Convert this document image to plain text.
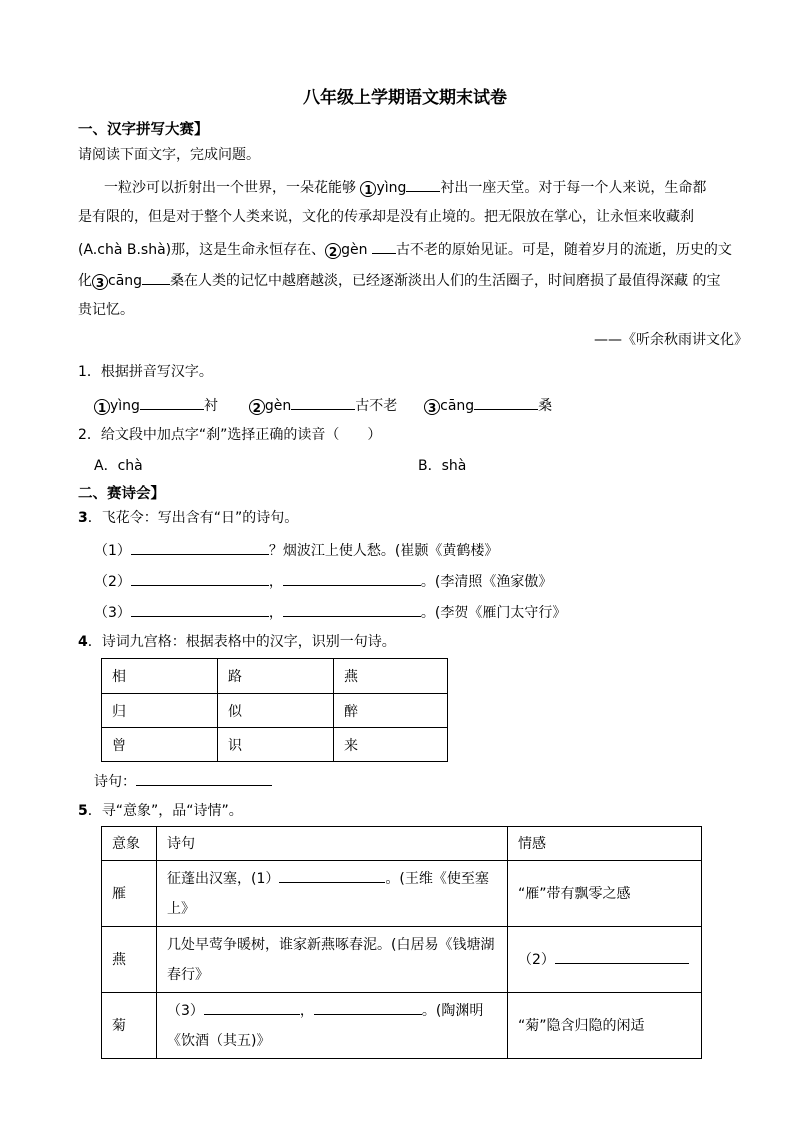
八年级上学期语文期末试卷
一、汉字拼写大赛】
请阅读下面文字，完成问题。
一粒沙可以折射出一个世界，一朵花能够 1 yìng 衬出一座天堂。对于每一个人来说，生命都
是有限的，但是对于整个人类来说，文化的传承却是没有止境的。把无限放在掌心，让永恒来收藏刹
(A.chà B.shà)那，这是生命永恒存在、 2 gèn 古不老的原始见证。可是，随着岁月的流逝，历史的文
化 3 cāng 桑在人类的记忆中越磨越淡，已经逐渐淡出人们的生活圈子，时间磨损了最值得深藏 的宝
贵记忆。
——《听余秋雨讲文化》
1．根据拼音写汉字。
1 yìng	衬	2 gèn	古不老	3 cāng	桑
2．给文段中加点字“刹”选择正确的读音（　　）
A．chà	B．shà
二、赛诗会】
3．飞花令：写出含有“日”的诗句。
（1）	？烟波江上使人愁。(崔颢《黄鹤楼》
（2）	，	。(李清照《渔家傲》
（3）	，	。(李贺《雁门太守行》
4．诗词九宫格：根据表格中的汉字，识别一句诗。
相	路	燕
归	似	醉
曾	识	来
诗句：
5．寻“意象”，品“诗情”。
意象	诗句	情感
雁	征蓬出汉塞，(1） 。(王维《使至塞
上》	“雁”带有飘零之感
燕	几处早莺争暖树，谁家新燕啄春泥。(白居易《钱塘湖
春行》	（2）
菊	（3） ， 。(陶渊明
《饮酒（其五)》	“菊”隐含归隐的闲适
